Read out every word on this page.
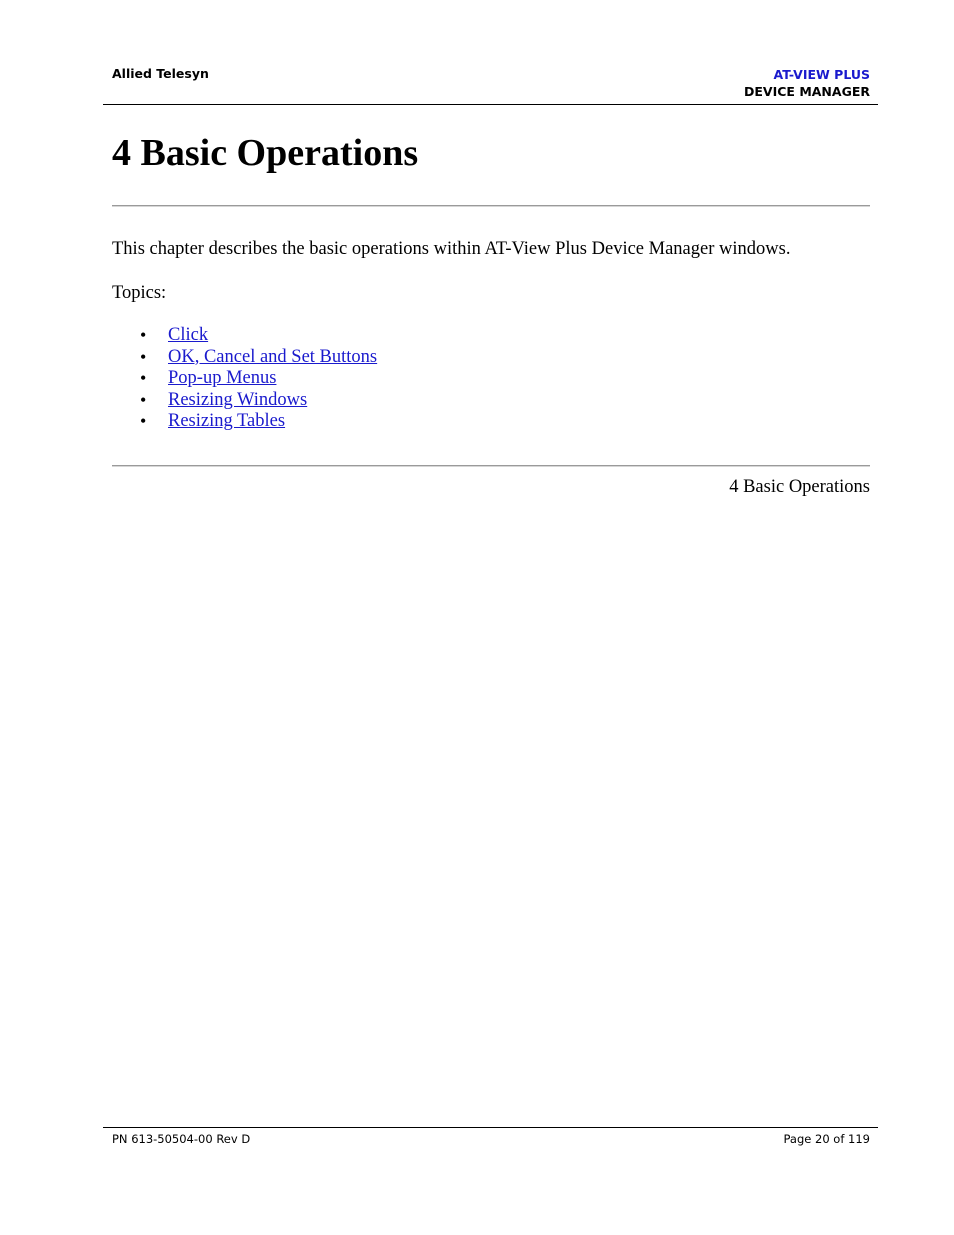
Allied Telesyn	AT-VIEW PLUS
DEVICE MANAGER
4 Basic Operations

This chapter describes the basic operations within AT-View Plus Device Manager windows.

Topics:

• Click
• OK, Cancel and Set Buttons
• Pop-up Menus
• Resizing Windows
• Resizing Tables
4 Basic Operations
PN 613-50504-00 Rev D	Page 20 of 119
